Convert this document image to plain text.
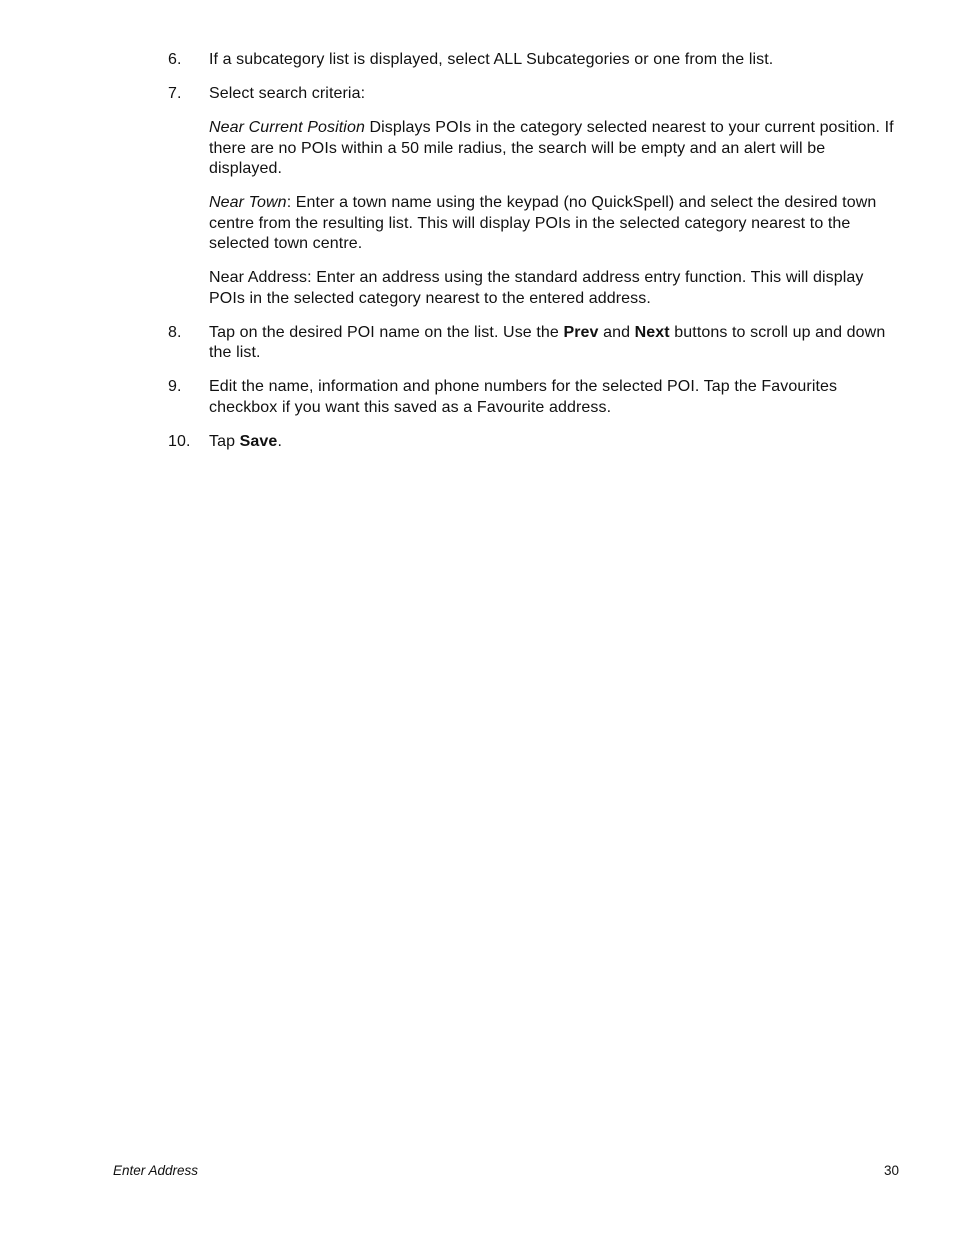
6.	If a subcategory list is displayed, select ALL Subcategories or one from the list.
7.	Select search criteria:
Near Current Position Displays POIs in the category selected nearest to your current position. If there are no POIs within a 50 mile radius, the search will be empty and an alert will be displayed.
Near Town: Enter a town name using the keypad (no QuickSpell) and select the desired town centre from the resulting list. This will display POIs in the selected category nearest to the selected town centre.
Near Address: Enter an address using the standard address entry function. This will display POIs in the selected category nearest to the entered address.
8.	Tap on the desired POI name on the list. Use the Prev and Next buttons to scroll up and down the list.
9.	Edit the name, information and phone numbers for the selected POI. Tap the Favourites checkbox if you want this saved as a Favourite address.
10.	Tap Save.
Enter Address	30
